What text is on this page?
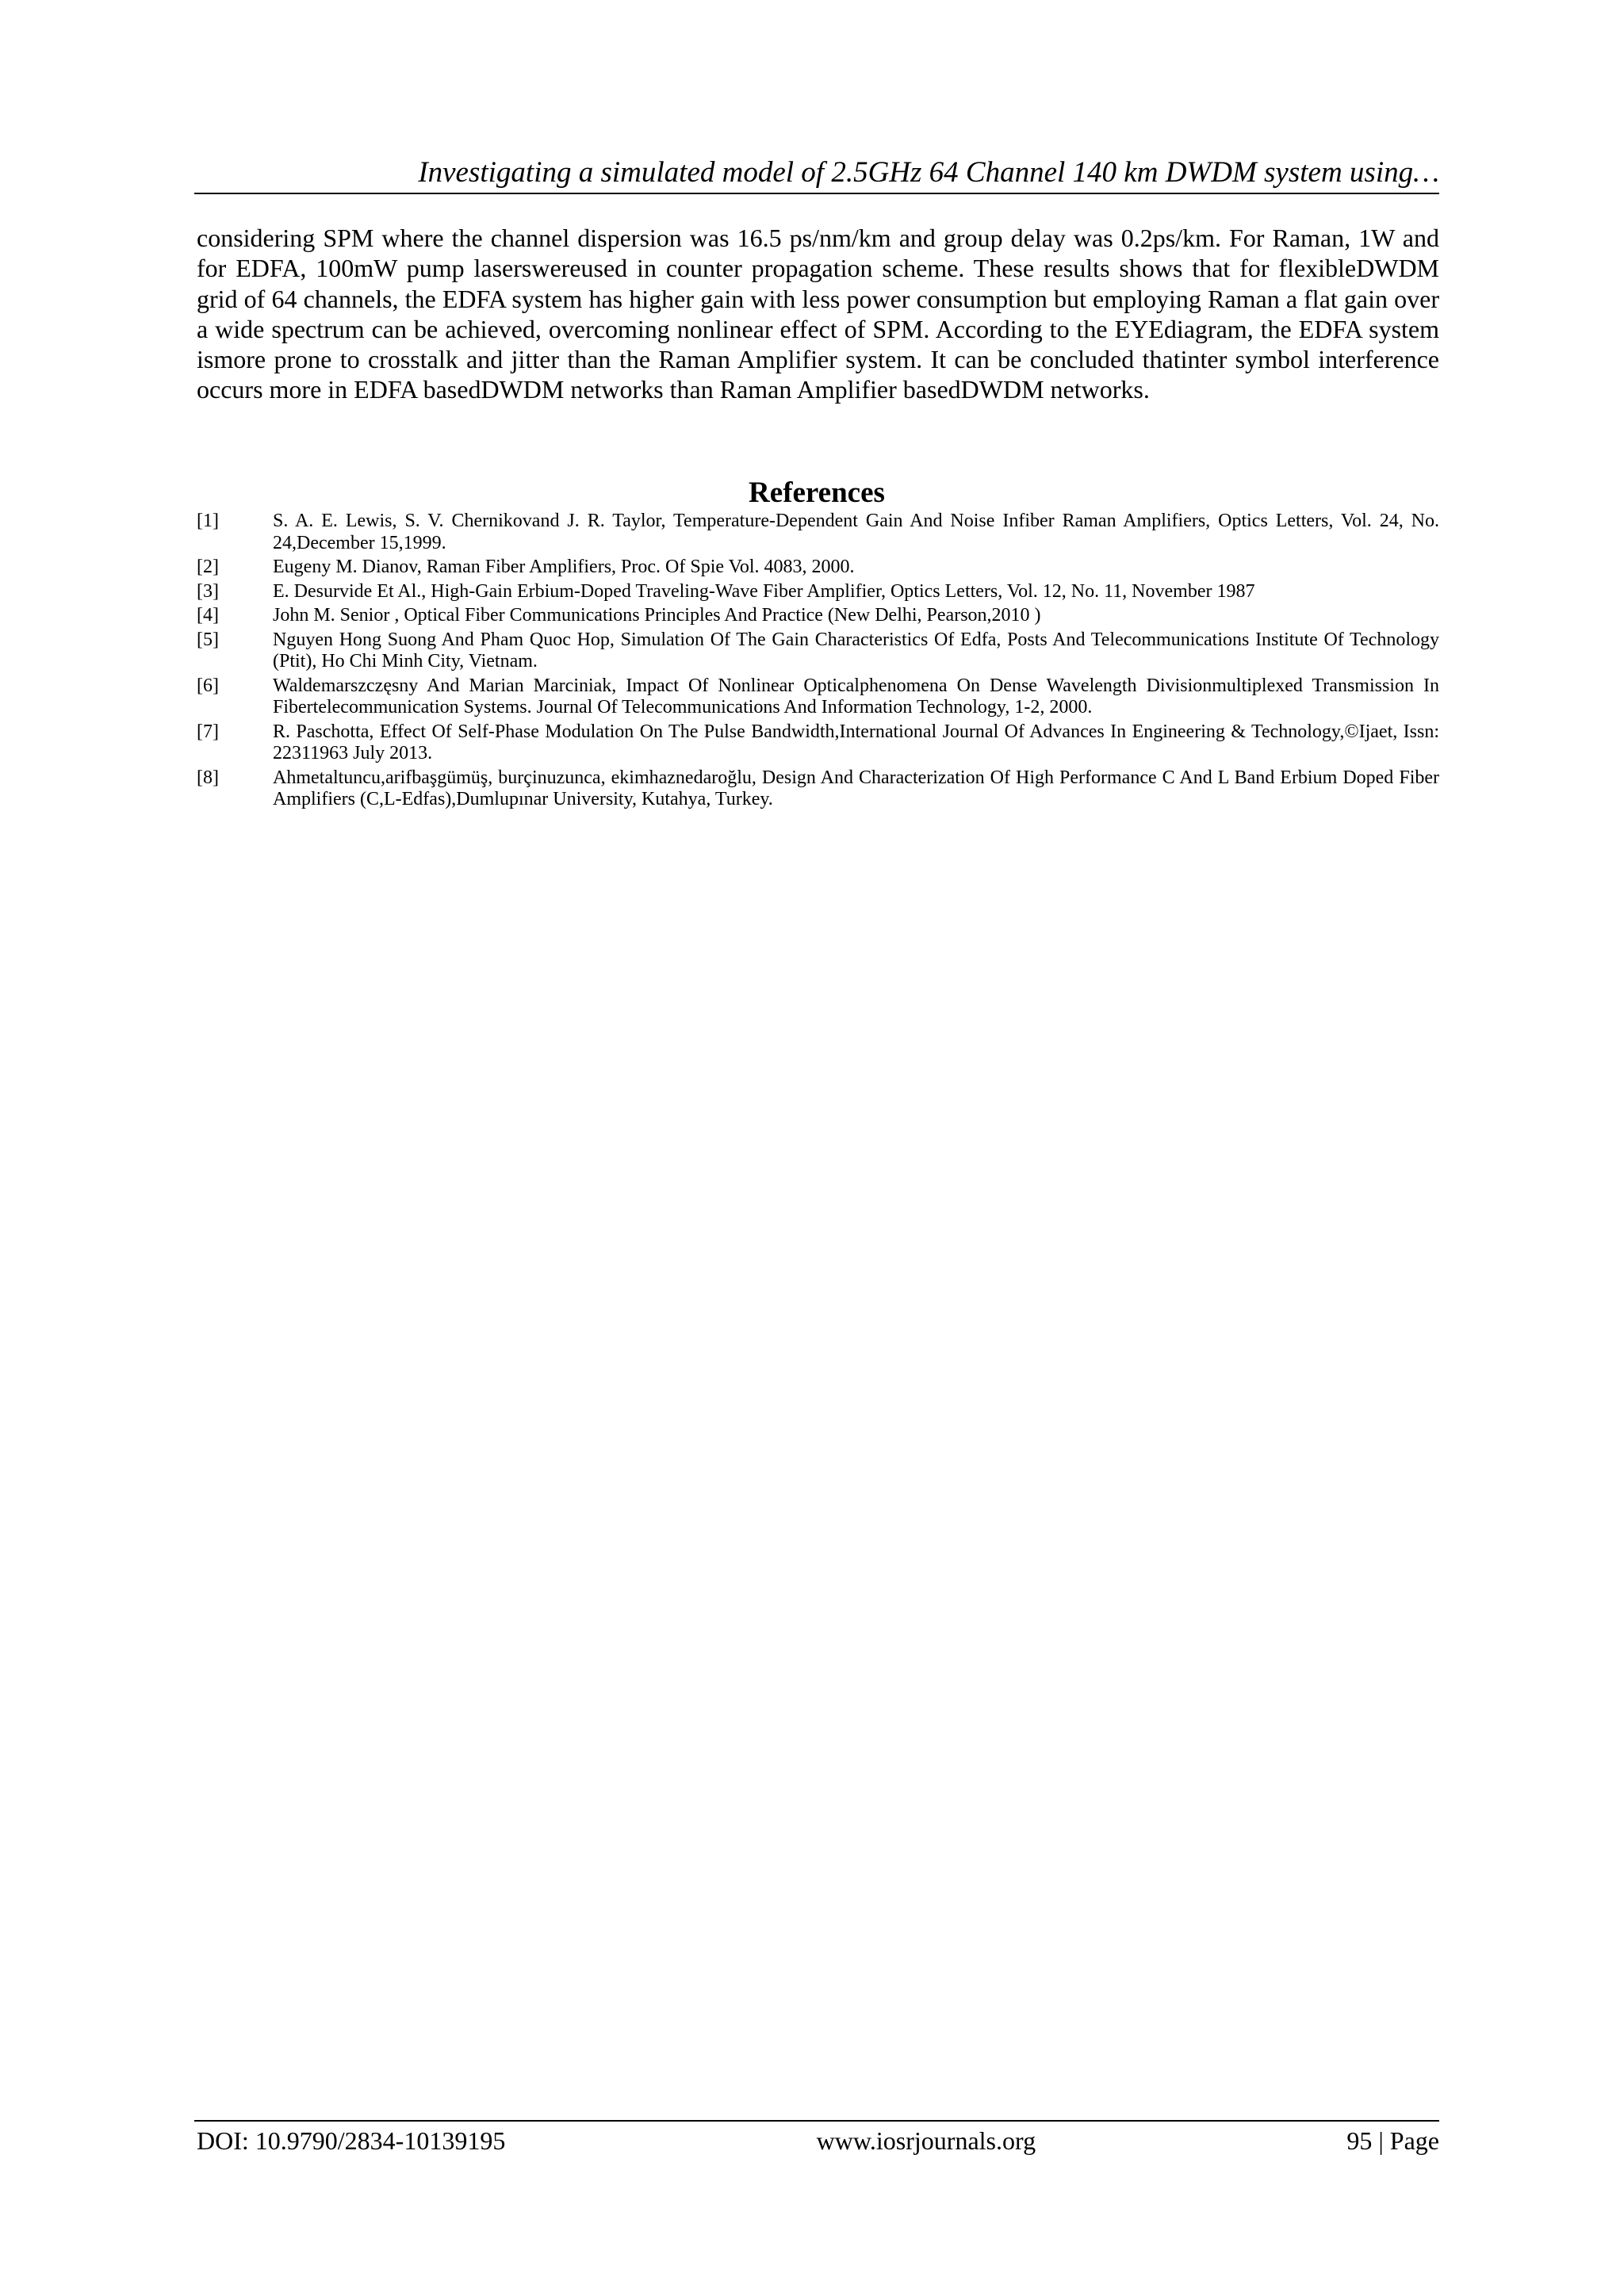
Investigating a simulated model of 2.5GHz 64 Channel 140 km DWDM system using…

considering SPM where the channel dispersion was 16.5 ps/nm/km and group delay was 0.2ps/km. For Raman, 1W and for EDFA, 100mW pump laserswereused in counter propagation scheme. These results shows that for flexibleDWDM grid of 64 channels, the EDFA system has higher gain with less power consumption but employing Raman a flat gain over a wide spectrum can be achieved, overcoming nonlinear effect of SPM. According to the EYEdiagram, the EDFA system ismore prone to crosstalk and jitter than the Raman Amplifier system. It can be concluded thatinter symbol interference occurs more in EDFA basedDWDM networks than Raman Amplifier basedDWDM networks.

References
[1]	S. A. E. Lewis, S. V. Chernikovand J. R. Taylor, Temperature-Dependent Gain And Noise Infiber Raman Amplifiers, Optics Letters, Vol. 24, No. 24,December 15,1999.
[2]	Eugeny M. Dianov, Raman Fiber Amplifiers, Proc. Of Spie Vol. 4083, 2000.
[3]	E. Desurvide Et Al., High-Gain Erbium-Doped Traveling-Wave Fiber Amplifier, Optics Letters, Vol. 12, No. 11, November 1987
[4]	John M. Senior , Optical Fiber Communications Principles And Practice (New Delhi, Pearson,2010 )
[5]	Nguyen Hong Suong And Pham Quoc Hop, Simulation Of The Gain Characteristics Of Edfa, Posts And Telecommunications Institute Of Technology (Ptit), Ho Chi Minh City, Vietnam.
[6]	Waldemarszczęsny And Marian Marciniak, Impact Of Nonlinear Opticalphenomena On Dense Wavelength Divisionmultiplexed Transmission In Fibertelecommunication Systems. Journal Of Telecommunications And Information Technology, 1-2, 2000.
[7]	R. Paschotta, Effect Of Self-Phase Modulation On The Pulse Bandwidth,International Journal Of Advances In Engineering & Technology,©Ijaet, Issn: 22311963 July 2013.
[8]	Ahmetaltuncu,arifbaşgümüş, burçinuzunca, ekimhaznedaroğlu, Design And Characterization Of High Performance C And L Band Erbium Doped Fiber Amplifiers (C,L-Edfas),Dumlupınar University, Kutahya, Turkey.
DOI: 10.9790/2834-10139195	www.iosrjournals.org	95 | Page
